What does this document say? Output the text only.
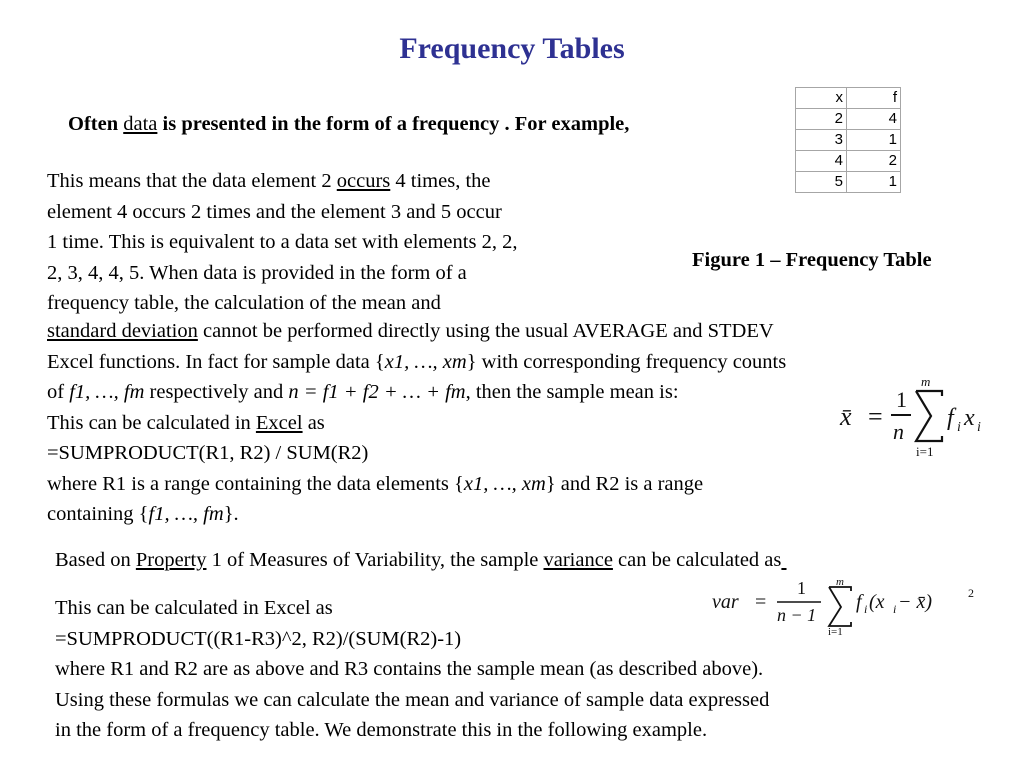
Frequency Tables
Often data is presented in the form of a frequency . For example,
x	f
2	4
3	1
4	2
5	1
Figure 1 – Frequency Table
This means that the data element 2 occurs 4 times, the
element 4 occurs 2 times and the element 3 and 5 occur
1 time. This is equivalent to a data set with elements 2, 2,
2, 3, 4, 4, 5. When data is provided in the form of a
frequency table, the calculation of the mean and
standard deviation cannot be performed directly using the usual AVERAGE and STDEV
Excel functions. In fact for sample data {x1, …, xm} with corresponding frequency counts
of f1, …, fm respectively and n = f1 + f2 + … + fm, then the sample mean is:
This can be calculated in Excel as
=SUMPRODUCT(R1, R2) / SUM(R2)
where R1 is a range containing the data elements {x1, …, xm} and R2 is a range
containing {f1, …, fm}.
x̄ =
1
n
m
i=1
f i x i
Based on Property 1 of Measures of Variability, the sample variance can be calculated as
var =
1
n − 1
m
i=1
f i (x i − x̄)	2
This can be calculated in Excel as
=SUMPRODUCT((R1-R3)^2, R2)/(SUM(R2)-1)
where R1 and R2 are as above and R3 contains the sample mean (as described above).
Using these formulas we can calculate the mean and variance of sample data expressed
in the form of a frequency table. We demonstrate this in the following example.
